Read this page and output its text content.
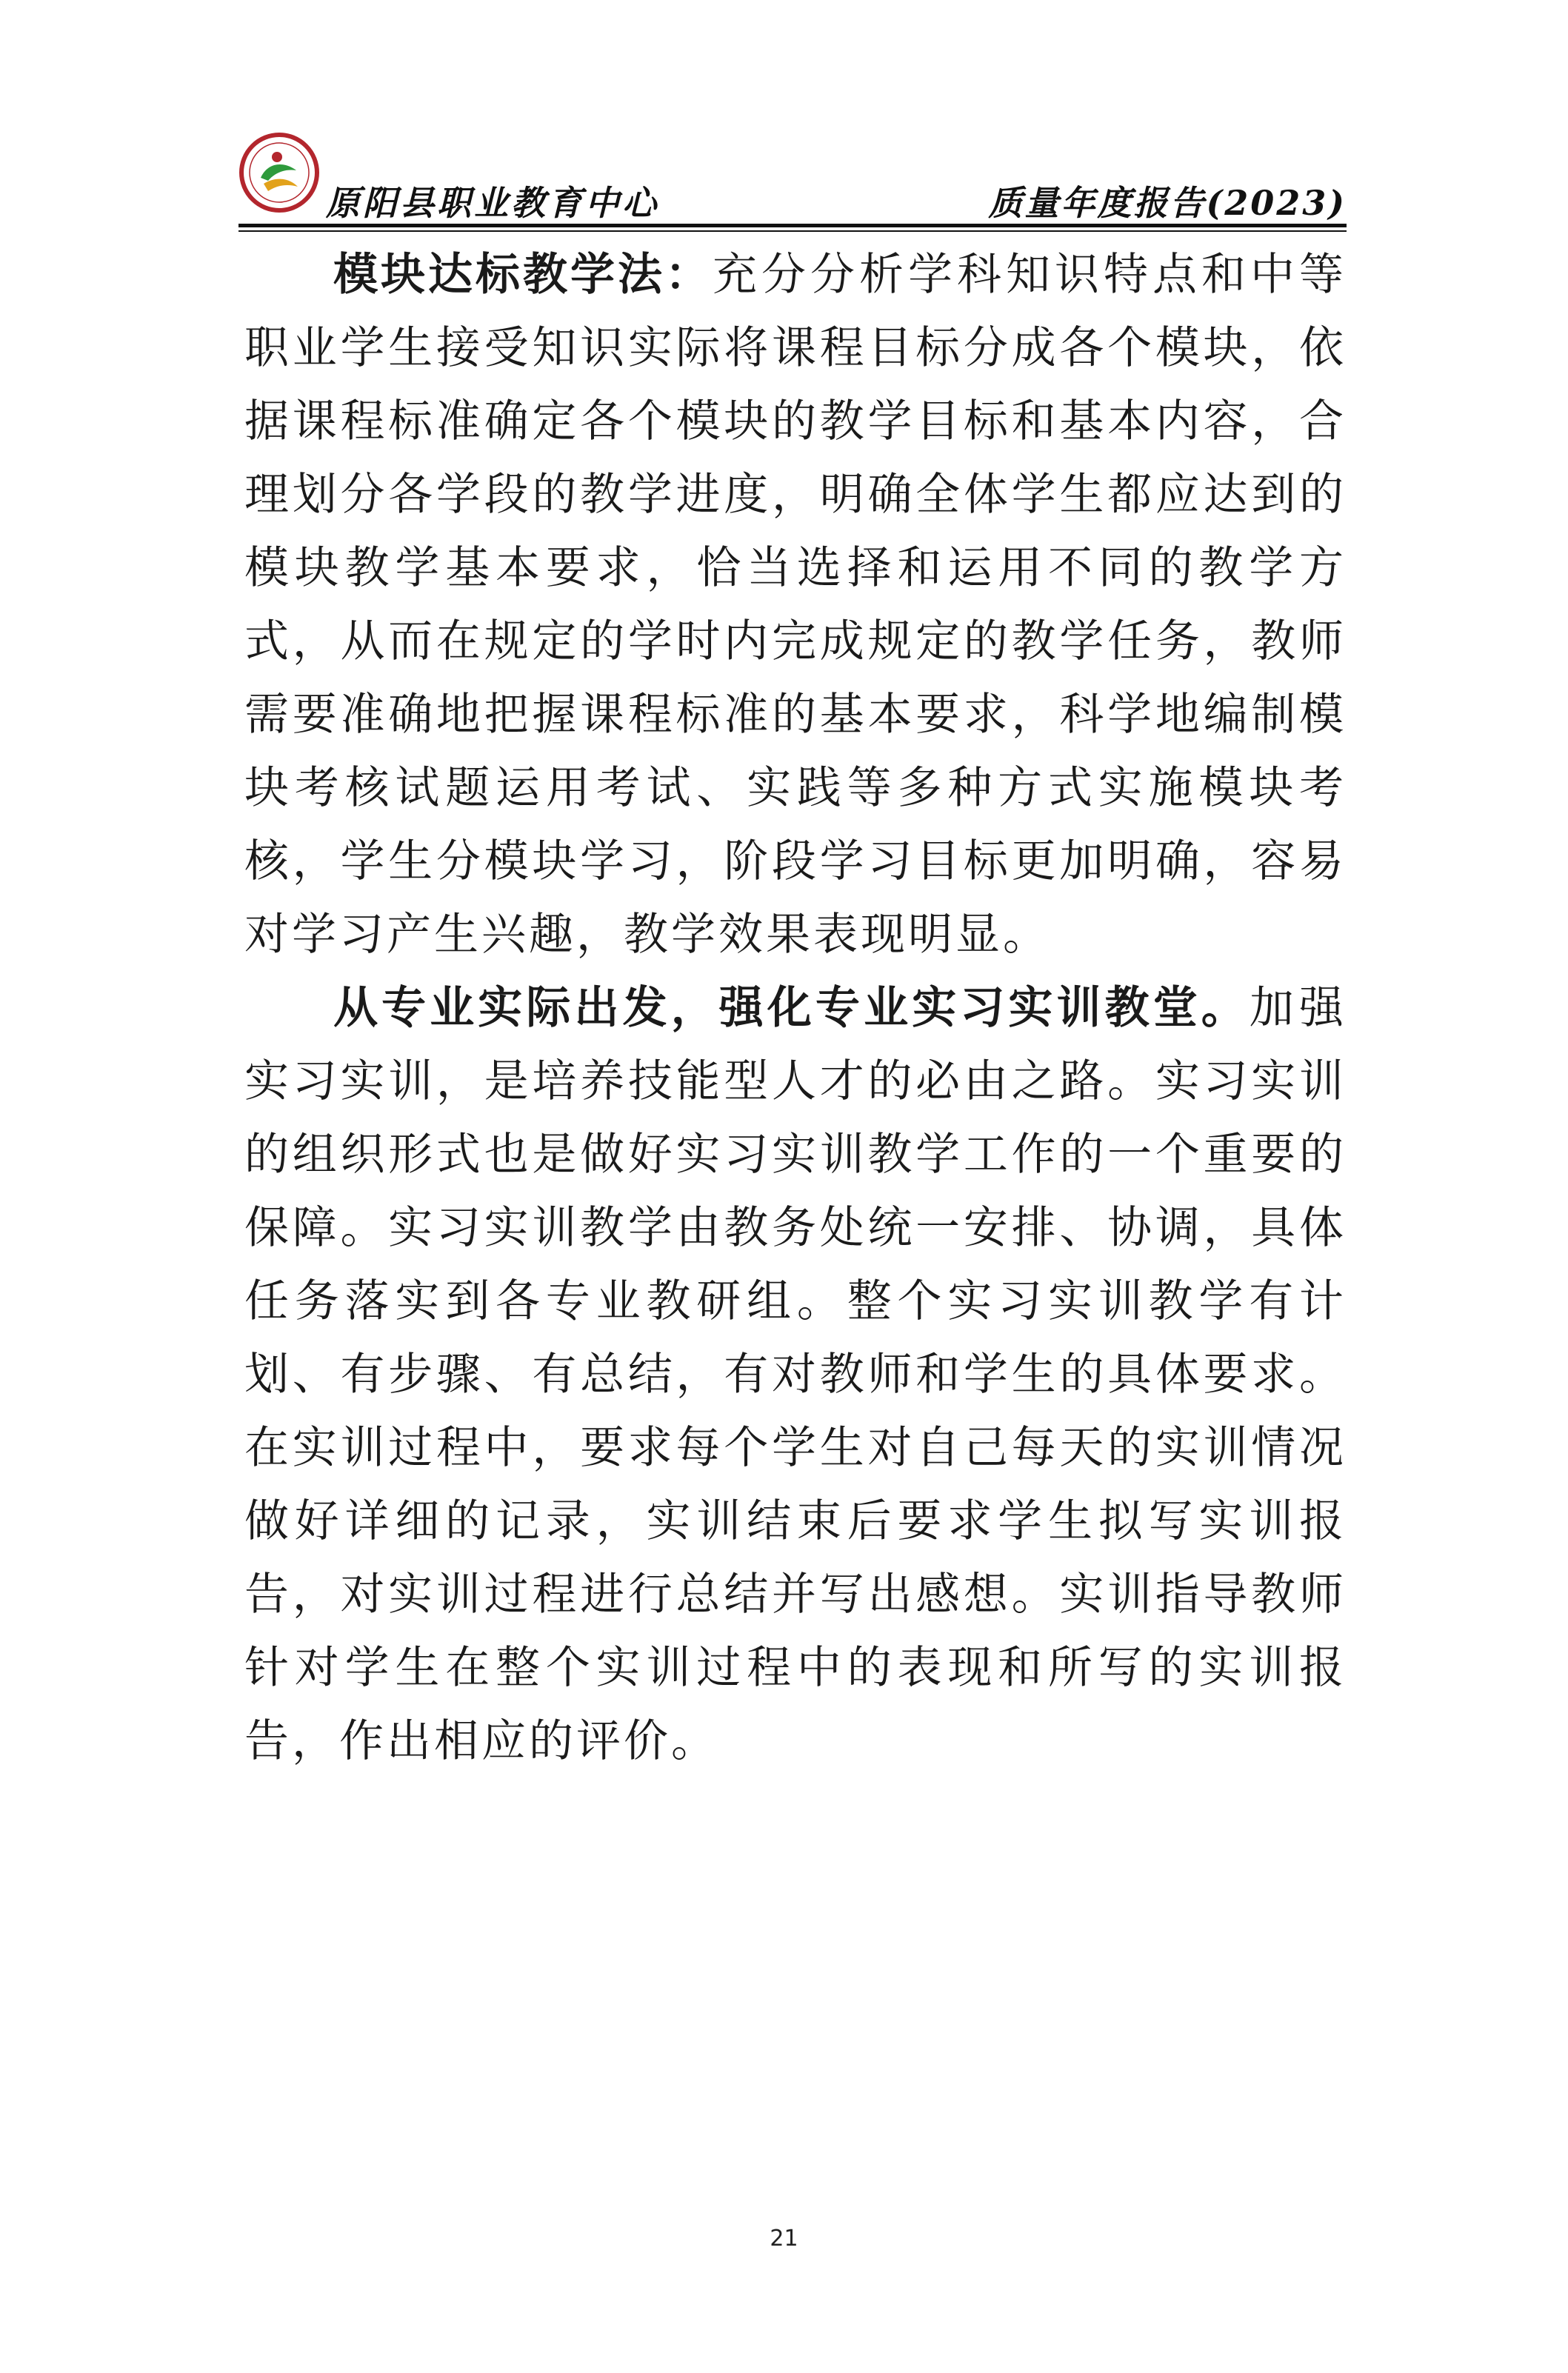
原阳县职业教育中心	质量年度报告(2023)

模块达标教学法：充分分析学科知识特点和中等职业学生接受知识实际将课程目标分成各个模块，依据课程标准确定各个模块的教学目标和基本内容，合理划分各学段的教学进度，明确全体学生都应达到的模块教学基本要求，恰当选择和运用不同的教学方式，从而在规定的学时内完成规定的教学任务，教师需要准确地把握课程标准的基本要求，科学地编制模块考核试题运用考试、实践等多种方式实施模块考核，学生分模块学习，阶段学习目标更加明确，容易对学习产生兴趣，教学效果表现明显。

从专业实际出发，强化专业实习实训教堂。加强实习实训，是培养技能型人才的必由之路。实习实训的组织形式也是做好实习实训教学工作的一个重要的保障。实习实训教学由教务处统一安排、协调，具体任务落实到各专业教研组。整个实习实训教学有计划、有步骤、有总结，有对教师和学生的具体要求。在实训过程中，要求每个学生对自己每天的实训情况做好详细的记录，实训结束后要求学生拟写实训报告，对实训过程进行总结并写出感想。实训指导教师针对学生在整个实训过程中的表现和所写的实训报告，作出相应的评价。

21
